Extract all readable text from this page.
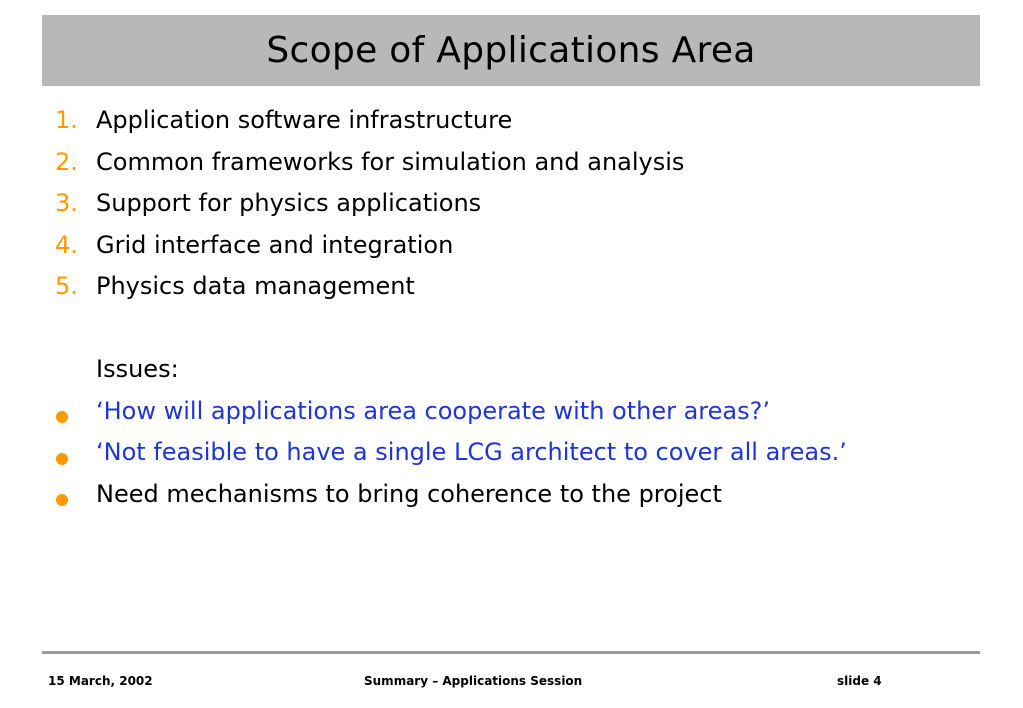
Scope of Applications Area
1. Application software infrastructure
2. Common frameworks for simulation and analysis
3. Support for physics applications
4. Grid interface and integration
5. Physics data management
Issues:
‘How will applications area cooperate with other areas?’
‘Not feasible to have a single LCG architect to cover all areas.’
Need mechanisms to bring coherence to the project
15 March, 2002	Summary – Applications Session	slide 4
